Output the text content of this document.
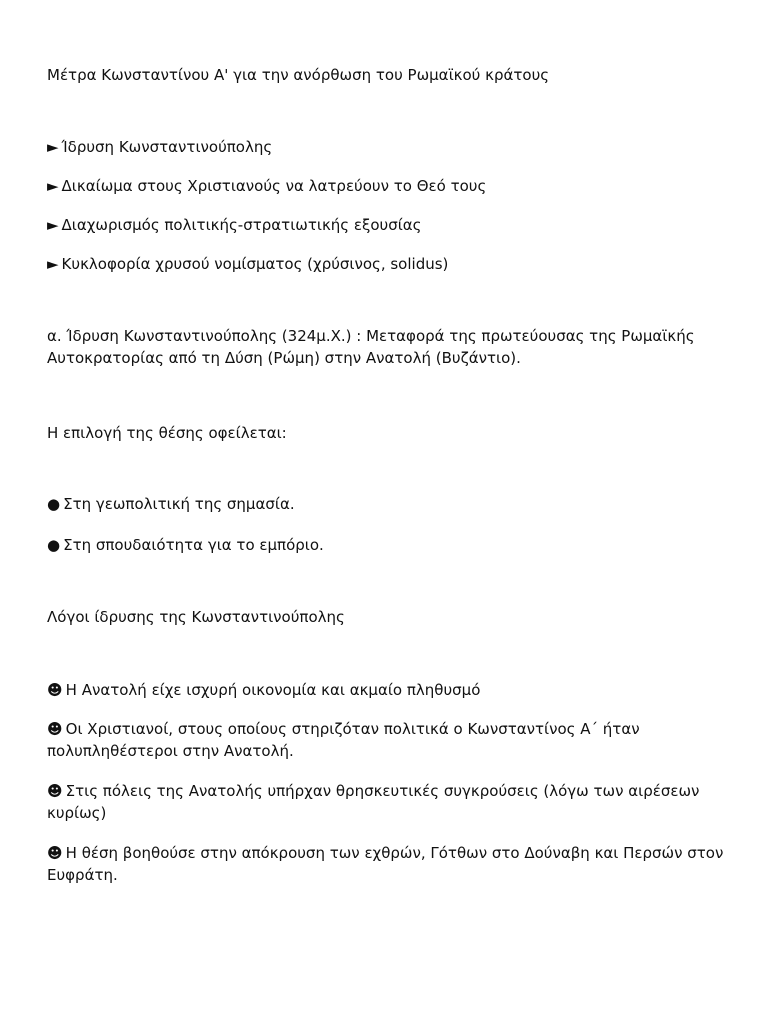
Μέτρα Κωνσταντίνου Α' για την ανόρθωση του Ρωμαϊκού κράτους
► Ίδρυση Κωνσταντινούπολης
► Δικαίωμα στους Χριστιανούς να λατρεύουν το Θεό τους
► Διαχωρισμός πολιτικής-στρατιωτικής εξουσίας
► Κυκλοφορία χρυσού νομίσματος (χρύσινος, solidus)
α. Ίδρυση Κωνσταντινούπολης (324μ.Χ.) : Μεταφορά της πρωτεύουσας της Ρωμαϊκής Αυτοκρατορίας από τη Δύση (Ρώμη) στην Ανατολή (Βυζάντιο).
Η επιλογή της θέσης οφείλεται:
● Στη γεωπολιτική της σημασία.
● Στη σπουδαιότητα για το εμπόριο.
Λόγοι ίδρυσης της Κωνσταντινούπολης
☻ Η Ανατολή είχε ισχυρή οικονομία και ακμαίο πληθυσμό
☻ Οι Χριστιανοί, στους οποίους στηριζόταν πολιτικά ο Κωνσταντίνος Α΄ ήταν πολυπληθέστεροι στην Ανατολή.
☻ Στις πόλεις της Ανατολής υπήρχαν θρησκευτικές συγκρούσεις (λόγω των αιρέσεων κυρίως)
☻ Η θέση βοηθούσε στην απόκρουση των εχθρών, Γότθων στο Δούναβη και Περσών στον Ευφράτη.
